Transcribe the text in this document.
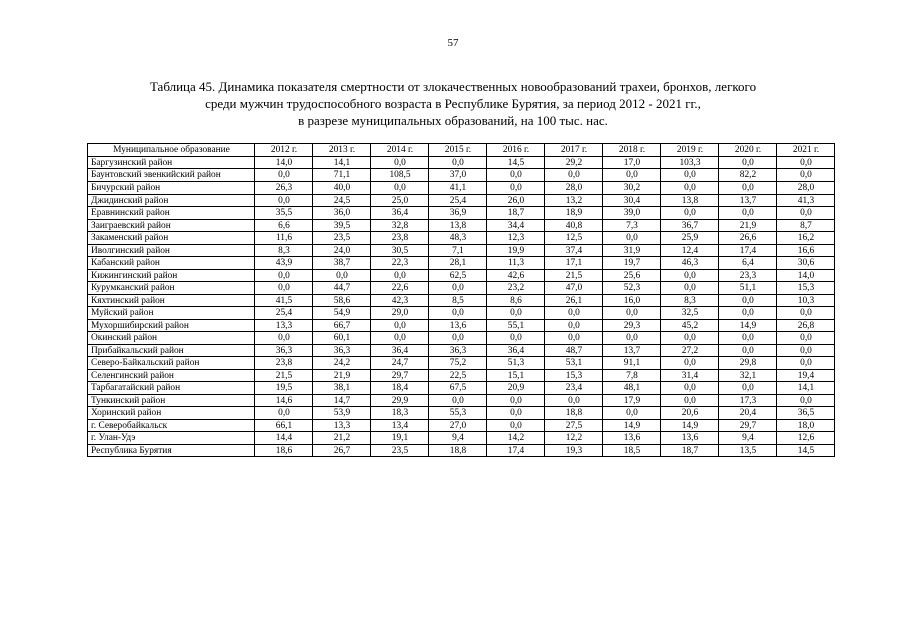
57
Таблица 45. Динамика показателя смертности от злокачественных новообразований трахеи, бронхов, легкого
среди мужчин трудоспособного возраста в Республике Бурятия, за период 2012 - 2021 гг.,
в разрезе муниципальных образований, на 100 тыс. нас.
Муниципальное образование	2012 г.	2013 г.	2014 г.	2015 г.	2016 г.	2017 г.	2018 г.	2019 г.	2020 г.	2021 г.
Баргузинский район	14,0	14,1	0,0	0,0	14,5	29,2	17,0	103,3	0,0	0,0
Баунтовский эвенкийский район	0,0	71,1	108,5	37,0	0,0	0,0	0,0	0,0	82,2	0,0
Бичурский район	26,3	40,0	0,0	41,1	0,0	28,0	30,2	0,0	0,0	28,0
Джидинский район	0,0	24,5	25,0	25,4	26,0	13,2	30,4	13,8	13,7	41,3
Еравнинский район	35,5	36,0	36,4	36,9	18,7	18,9	39,0	0,0	0,0	0,0
Заиграевский район	6,6	39,5	32,8	13,8	34,4	40,8	7,3	36,7	21,9	8,7
Закаменский район	11,6	23,5	23,8	48,3	12,3	12,5	0,0	25,9	26,6	16,2
Иволгинский район	8,3	24,0	30,5	7,1	19,9	37,4	31,9	12,4	17,4	16,6
Кабанский район	43,9	38,7	22,3	28,1	11,3	17,1	19,7	46,3	6,4	30,6
Кижингинский район	0,0	0,0	0,0	62,5	42,6	21,5	25,6	0,0	23,3	14,0
Курумканский район	0,0	44,7	22,6	0,0	23,2	47,0	52,3	0,0	51,1	15,3
Кяхтинский район	41,5	58,6	42,3	8,5	8,6	26,1	16,0	8,3	0,0	10,3
Муйский район	25,4	54,9	29,0	0,0	0,0	0,0	0,0	32,5	0,0	0,0
Мухоршибирский район	13,3	66,7	0,0	13,6	55,1	0,0	29,3	45,2	14,9	26,8
Окинский район	0,0	60,1	0,0	0,0	0,0	0,0	0,0	0,0	0,0	0,0
Прибайкальский район	36,3	36,3	36,4	36,3	36,4	48,7	13,7	27,2	0,0	0,0
Северо-Байкальский район	23,8	24,2	24,7	75,2	51,3	53,1	91,1	0,0	29,8	0,0
Селенгинский район	21,5	21,9	29,7	22,5	15,1	15,3	7,8	31,4	32,1	19,4
Тарбагатайский район	19,5	38,1	18,4	67,5	20,9	23,4	48,1	0,0	0,0	14,1
Тункинский район	14,6	14,7	29,9	0,0	0,0	0,0	17,9	0,0	17,3	0,0
Хоринский район	0,0	53,9	18,3	55,3	0,0	18,8	0,0	20,6	20,4	36,5
г. Северобайкальск	66,1	13,3	13,4	27,0	0,0	27,5	14,9	14,9	29,7	18,0
г. Улан-Удэ	14,4	21,2	19,1	9,4	14,2	12,2	13,6	13,6	9,4	12,6
Республика Бурятия	18,6	26,7	23,5	18,8	17,4	19,3	18,5	18,7	13,5	14,5
